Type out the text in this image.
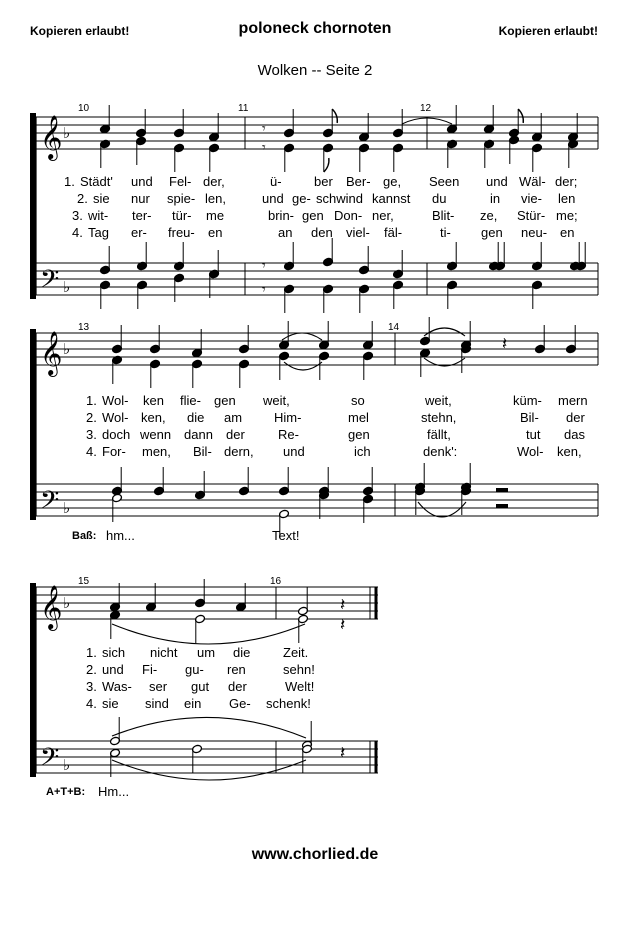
Kopieren erlaubt!	poloneck chornoten	Kopieren erlaubt!
Wolken -- Seite 2
𝄞
𝄢
♭
♭
𝄾
𝄾
𝄾
𝄾
𝄞
𝄢
♭
♭
𝄽
𝄞
𝄢
♭
♭
𝄽
𝄽
𝄽
10	11	12
13	14
15	16
1. Städt' und Fel- der,	ü- ber Ber- ge, Seen und Wäl- der;
2. sie nur spie- len,	und ge- schwind kannst du	in vie- len
3. wit- ter- tür- me	brin- gen Don- ner,	Blit- ze, Stür- me;
4. Tag er- freu- en	an den viel- fäl-	ti- gen neu- en
1. Wol- ken flie- gen weit,	so	weit,	küm- mern
2. Wol- ken, die am Him-	mel	stehn,	Bil- der
3. doch wenn dann der	Re-	gen	fällt,	tut das
4. For- men, Bil- dern, und	ich	denk':	Wol- ken,
Baß: hm...	Text!
1. sich nicht um die	Zeit.
2. und Fi- gu- ren	sehn!
3. Was- ser gut der	Welt!
4. sie sind ein Ge- schenk!
A+T+B: Hm...
www.chorlied.de
